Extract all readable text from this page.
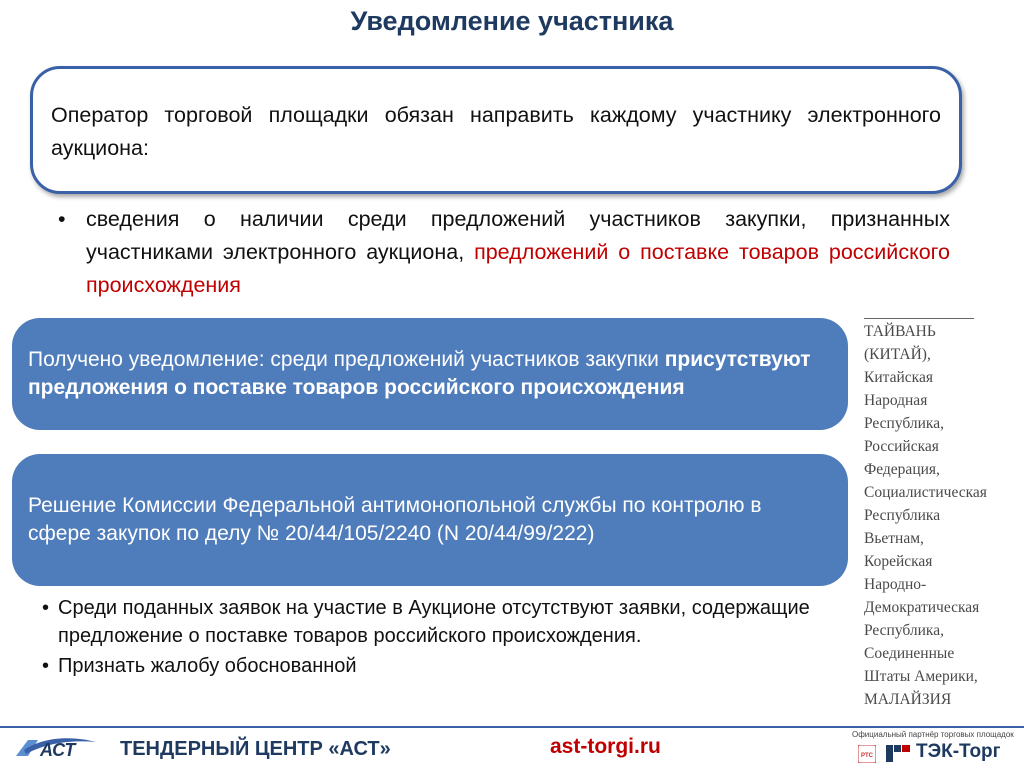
Уведомление участника
Оператор торговой площадки обязан направить каждому участнику электронного аукциона:
• сведения о наличии среди предложений участников закупки, признанных участниками электронного аукциона, предложений о поставке товаров российского происхождения
Получено уведомление: среди предложений участников закупки присутствуют предложения о поставке товаров российского происхождения
Решение Комиссии Федеральной антимонопольной службы по контролю в сфере закупок по делу № 20/44/105/2240 (N 20/44/99/222)
• Среди поданных заявок на участие в Аукционе отсутствуют заявки, содержащие предложение о поставке товаров российского происхождения.
• Признать жалобу обоснованной
ТАЙВАНЬ
(КИТАЙ),
Китайская
Народная
Республика,
Российская
Федерация,
Социалистическая
Республика
Вьетнам,
Корейская
Народно-
Демократическая
Республика,
Соединенные
Штаты Америки,
МАЛАЙЗИЯ
АСТ ТЕНДЕРНЫЙ ЦЕНТР «АСТ»	ast-torgi.ru
Официальный партнёр торговых площадок
РТС ТЭК-Торг
